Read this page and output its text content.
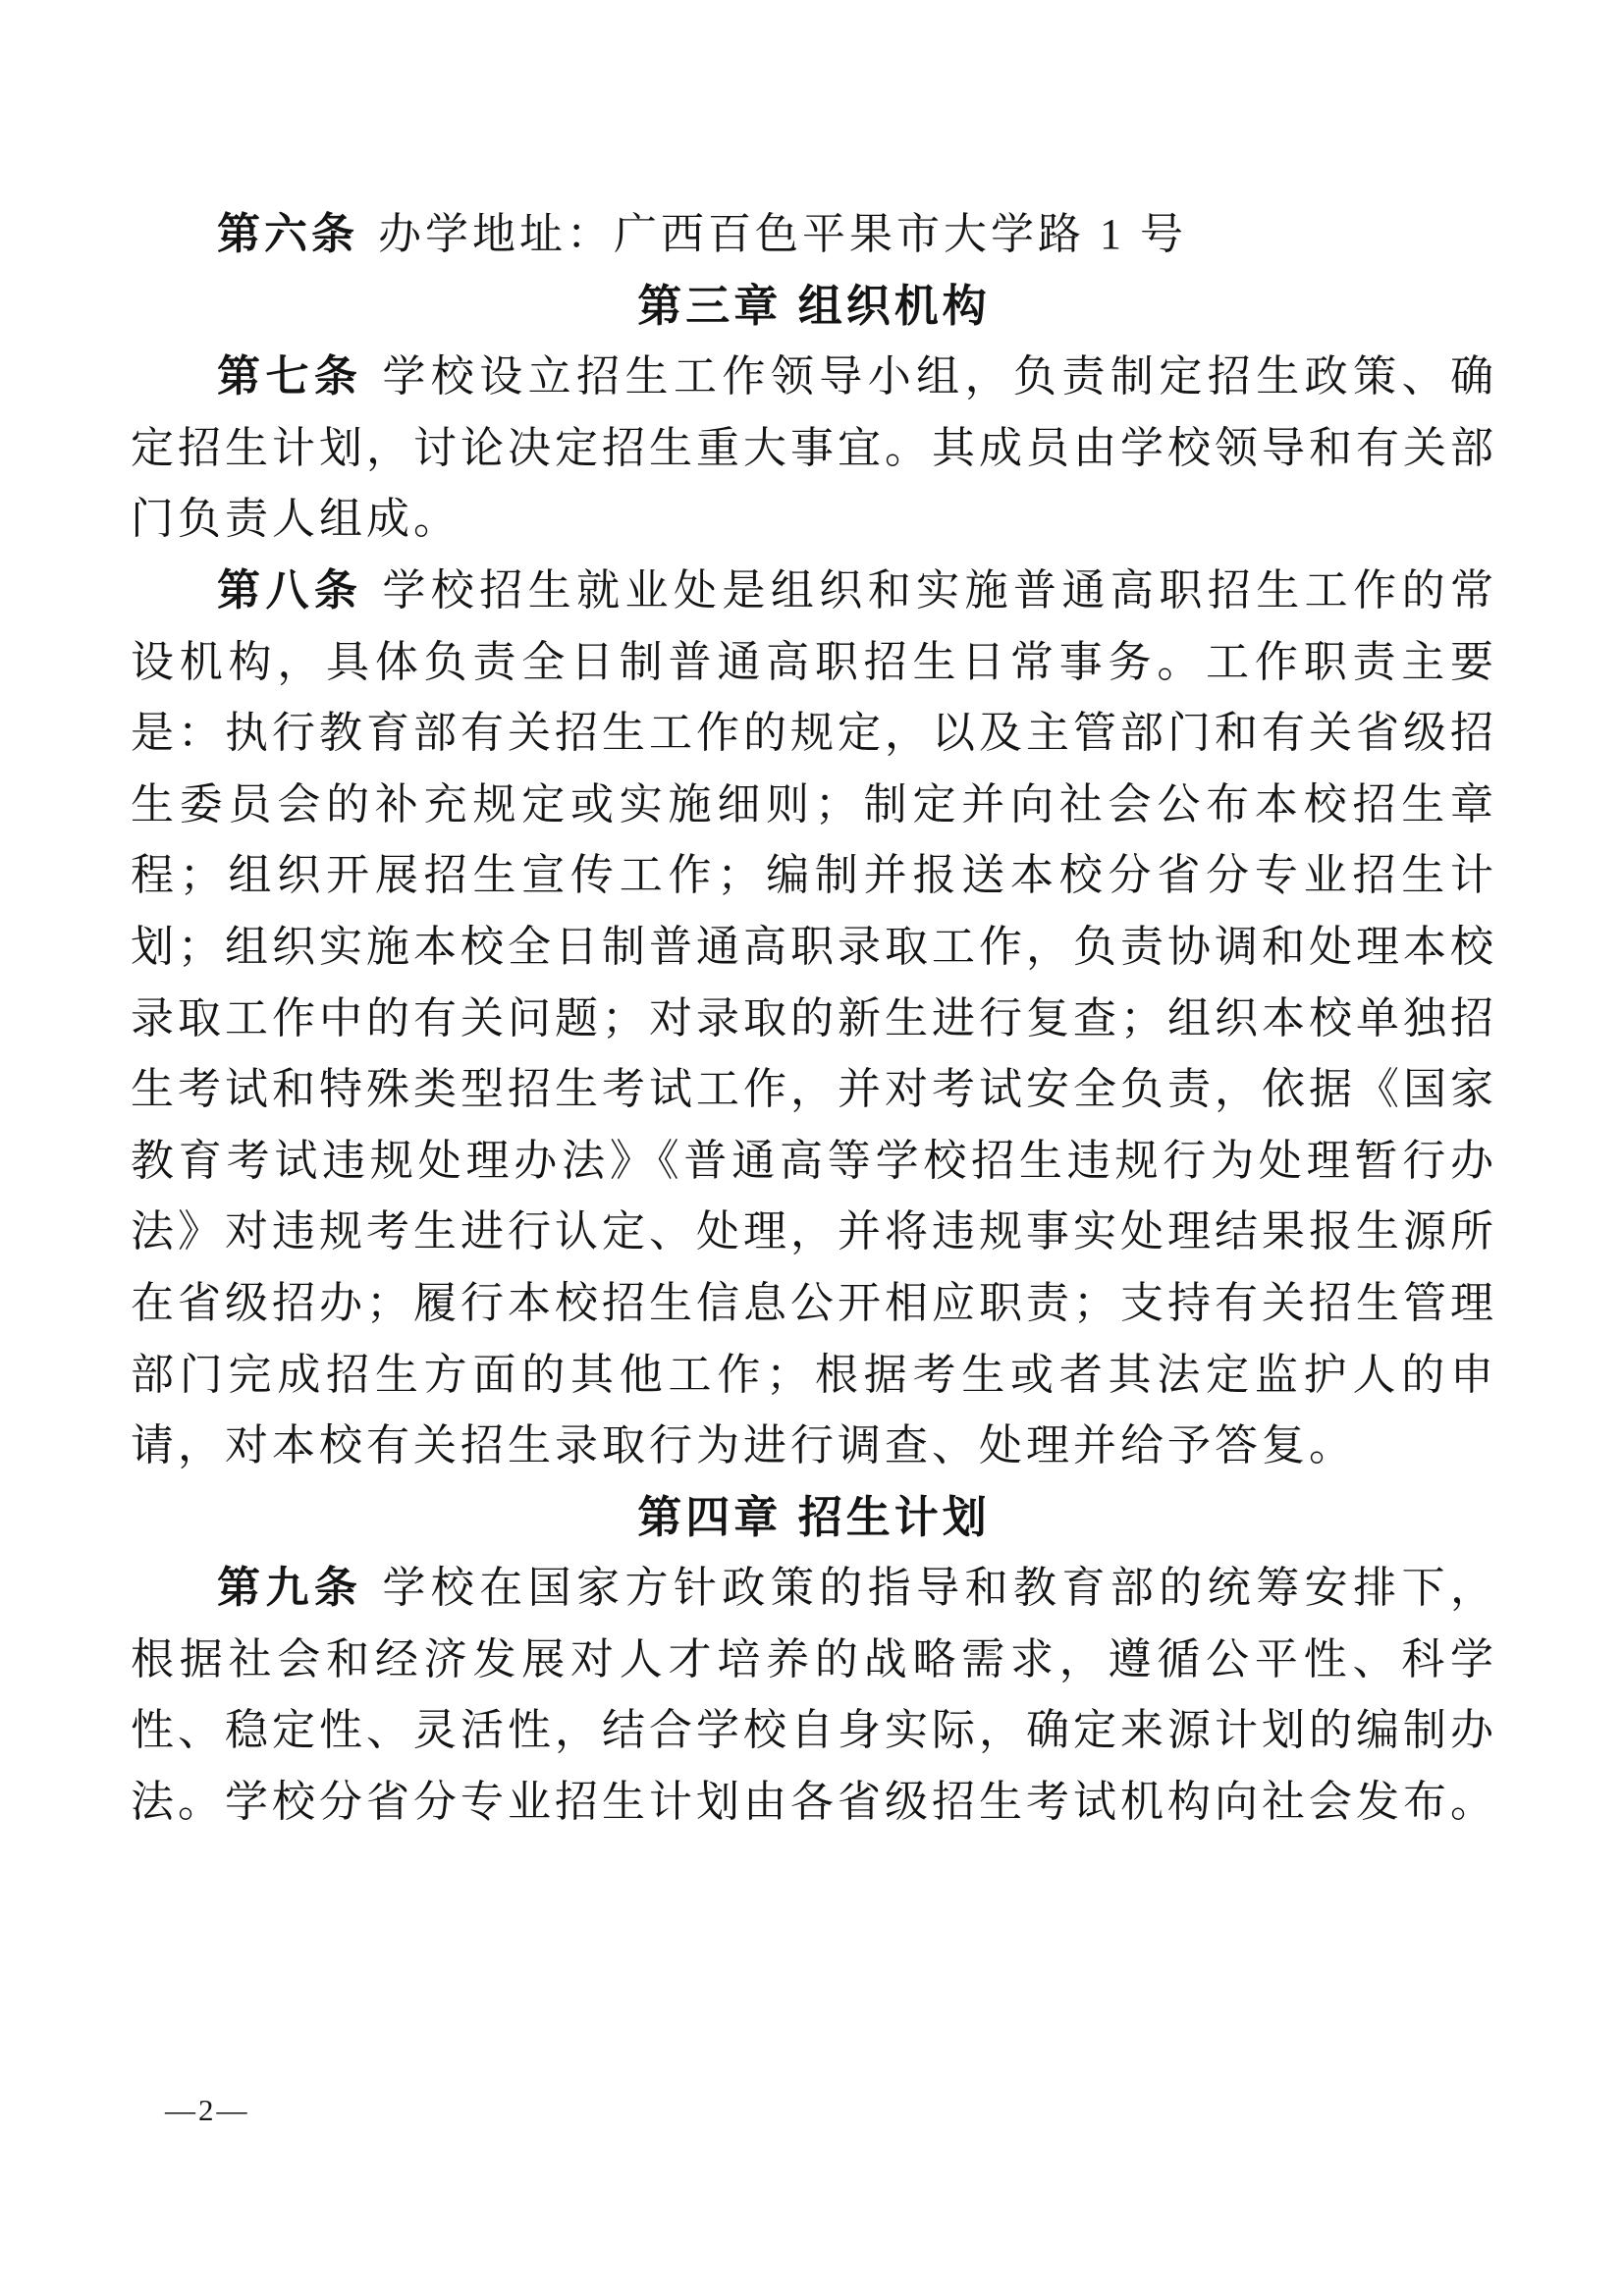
第六条 办学地址：广西百色平果市大学路 1 号

第三章 组织机构

第七条 学校设立招生工作领导小组，负责制定招生政策、确定招生计划，讨论决定招生重大事宜。其成员由学校领导和有关部门负责人组成。

第八条 学校招生就业处是组织和实施普通高职招生工作的常设机构，具体负责全日制普通高职招生日常事务。工作职责主要是：执行教育部有关招生工作的规定，以及主管部门和有关省级招生委员会的补充规定或实施细则；制定并向社会公布本校招生章程；组织开展招生宣传工作；编制并报送本校分省分专业招生计划；组织实施本校全日制普通高职录取工作，负责协调和处理本校录取工作中的有关问题；对录取的新生进行复查；组织本校单独招生考试和特殊类型招生考试工作，并对考试安全负责，依据《国家教育考试违规处理办法》《普通高等学校招生违规行为处理暂行办法》对违规考生进行认定、处理，并将违规事实处理结果报生源所在省级招办；履行本校招生信息公开相应职责；支持有关招生管理部门完成招生方面的其他工作；根据考生或者其法定监护人的申请，对本校有关招生录取行为进行调查、处理并给予答复。

第四章 招生计划

第九条 学校在国家方针政策的指导和教育部的统筹安排下，根据社会和经济发展对人才培养的战略需求，遵循公平性、科学性、稳定性、灵活性，结合学校自身实际，确定来源计划的编制办法。学校分省分专业招生计划由各省级招生考试机构向社会发布。

—2—
